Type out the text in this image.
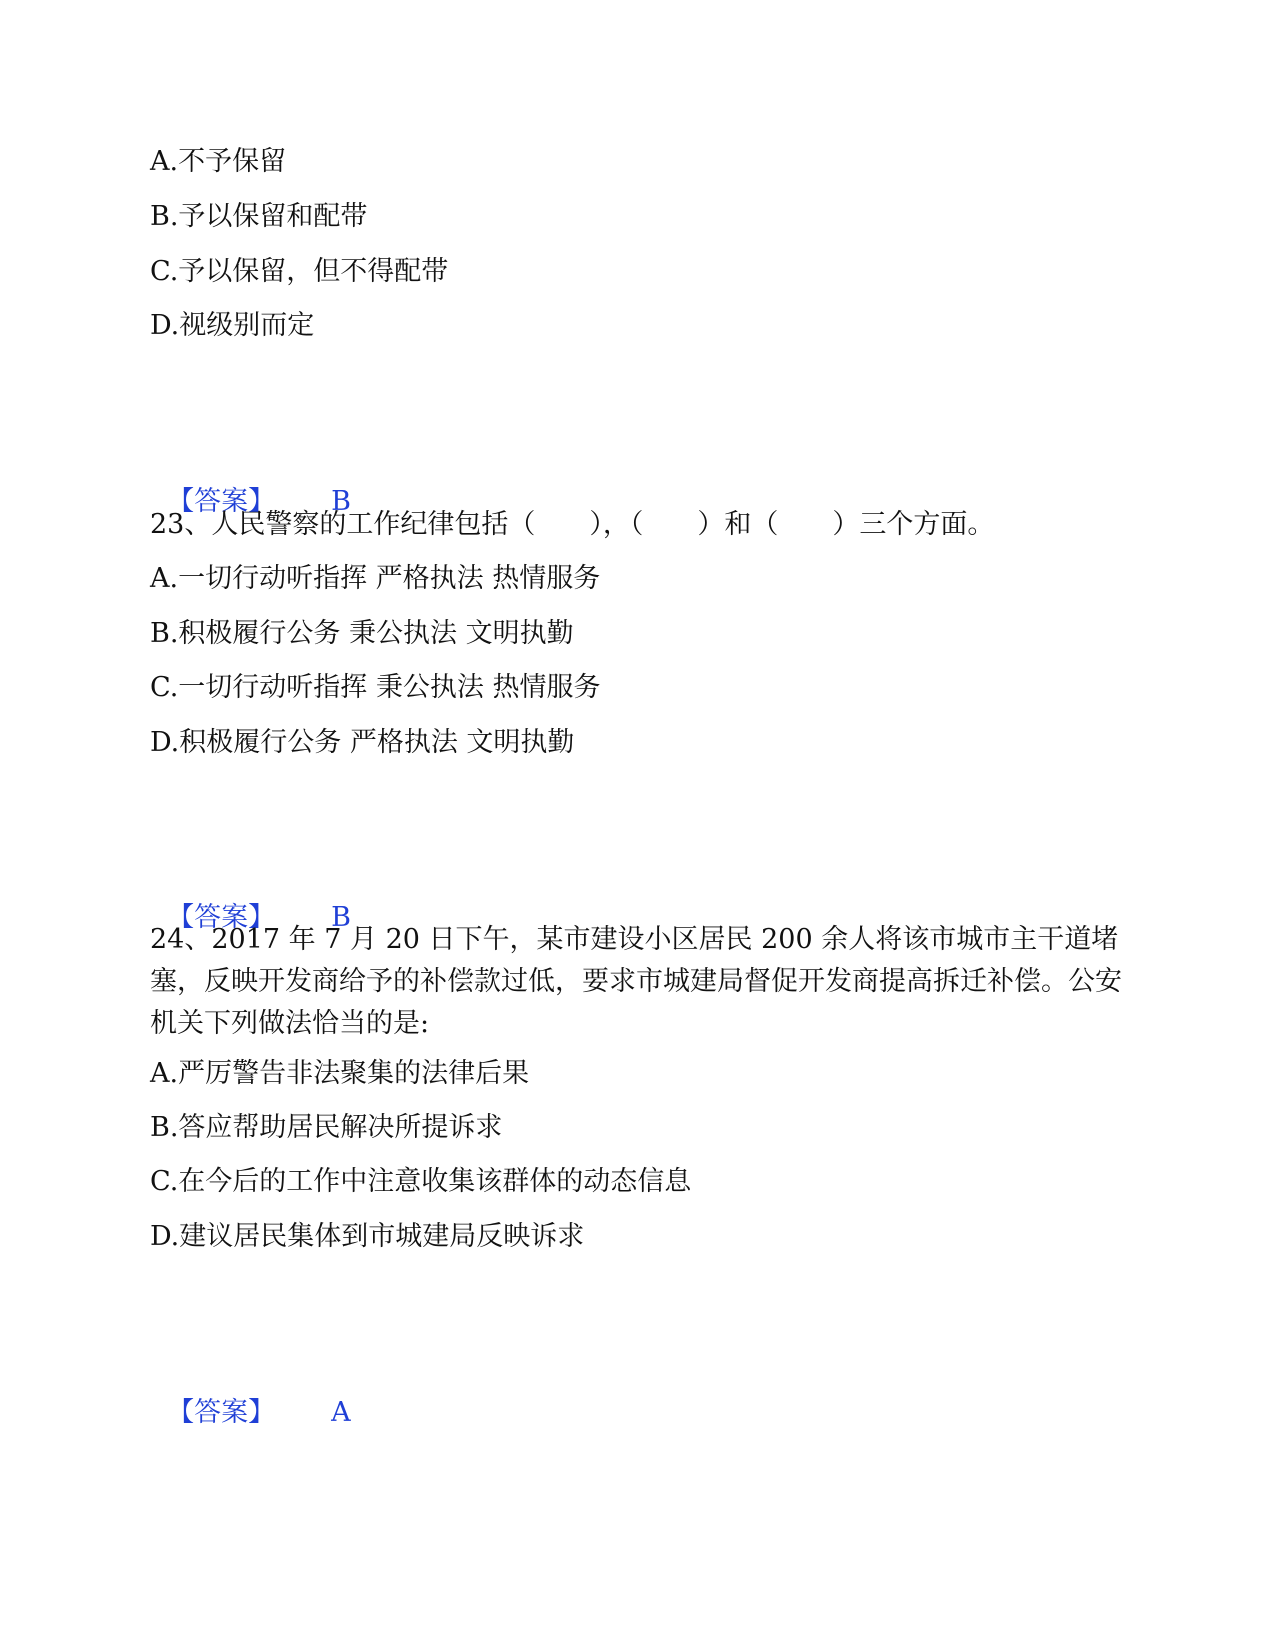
A.不予保留
B.予以保留和配带
C.予以保留，但不得配带
D.视级别而定

【答案】 B

23、人民警察的工作纪律包括（　　），（　　）和（　　）三个方面。
A.一切行动听指挥 严格执法 热情服务
B.积极履行公务 秉公执法 文明执勤
C.一切行动听指挥 秉公执法 热情服务
D.积极履行公务 严格执法 文明执勤

【答案】 B

24、2017 年 7 月 20 日下午，某市建设小区居民 200 余人将该市城市主干道堵塞，反映开发商给予的补偿款过低，要求市城建局督促开发商提高拆迁补偿。公安机关下列做法恰当的是:
A.严厉警告非法聚集的法律后果
B.答应帮助居民解决所提诉求
C.在今后的工作中注意收集该群体的动态信息
D.建议居民集体到市城建局反映诉求

【答案】 A
